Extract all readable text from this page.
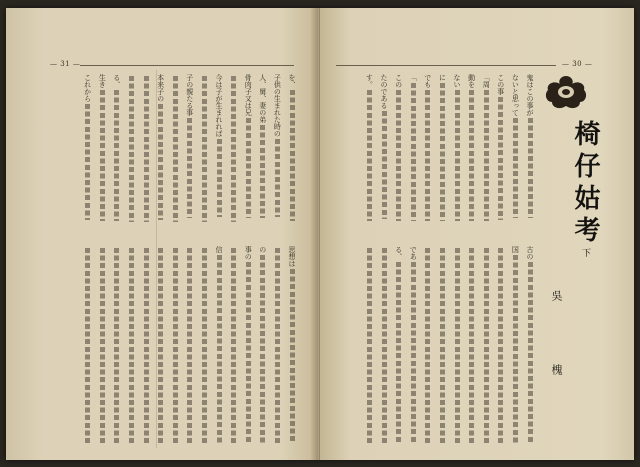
— 31 —
を、
子供の生まれた時の
人、舅、妻の弟
骨肉子又は兄
今は子が生まれれば
子の親たる事
本来子の
る、
生き
これから
思想は
の
事の
信
— 30 —
椅仔姑考下
吳　槐
鬼はこの事が
ないと思って
この事
「周
動を
ない
に
でも
「
この
たのである
す。
古の
国
であ
る、
